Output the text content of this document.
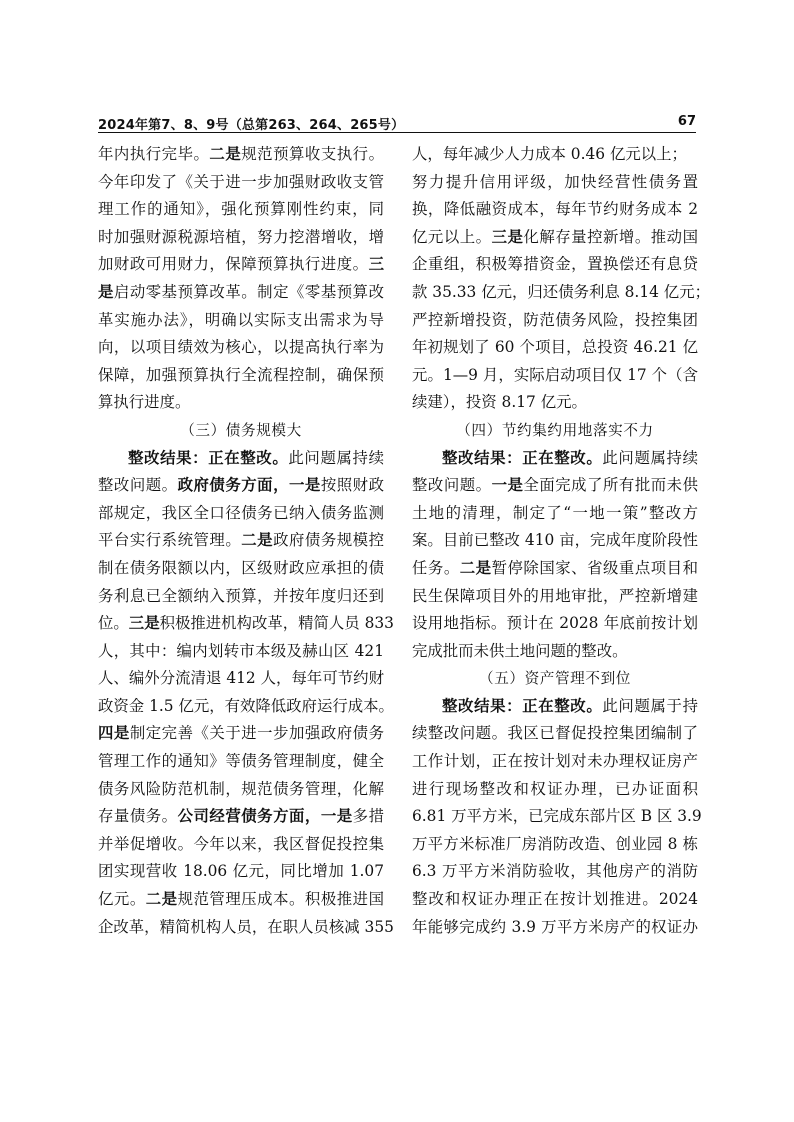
2024年第7、8、9号（总第263、264、265号）	67
年内执行完毕。二是规范预算收支执行。
今年印发了《关于进一步加强财政收支管
理工作的通知》，强化预算刚性约束，同
时加强财源税源培植，努力挖潜增收，增
加财政可用财力，保障预算执行进度。三
是启动零基预算改革。制定《零基预算改
革实施办法》，明确以实际支出需求为导
向，以项目绩效为核心，以提高执行率为
保障，加强预算执行全流程控制，确保预
算执行进度。
（三）债务规模大
整改结果：正在整改。此问题属持续
整改问题。政府债务方面，一是按照财政
部规定，我区全口径债务已纳入债务监测
平台实行系统管理。二是政府债务规模控
制在债务限额以内，区级财政应承担的债
务利息已全额纳入预算，并按年度归还到
位。三是积极推进机构改革，精简人员 833
人，其中：编内划转市本级及赫山区 421
人、编外分流清退 412 人，每年可节约财
政资金 1.5 亿元，有效降低政府运行成本。
四是制定完善《关于进一步加强政府债务
管理工作的通知》等债务管理制度，健全
债务风险防范机制，规范债务管理，化解
存量债务。公司经营债务方面，一是多措
并举促增收。今年以来，我区督促投控集
团实现营收 18.06 亿元，同比增加 1.07
亿元。二是规范管理压成本。积极推进国
企改革，精简机构人员，在职人员核减 355
人，每年减少人力成本 0.46 亿元以上；
努力提升信用评级，加快经营性债务置
换，降低融资成本，每年节约财务成本 2
亿元以上。三是化解存量控新增。推动国
企重组，积极筹措资金，置换偿还有息贷
款 35.33 亿元，归还债务利息 8.14 亿元；
严控新增投资，防范债务风险，投控集团
年初规划了 60 个项目，总投资 46.21 亿
元。1—9 月，实际启动项目仅 17 个（含
续建），投资 8.17 亿元。
（四）节约集约用地落实不力
整改结果：正在整改。此问题属持续
整改问题。一是全面完成了所有批而未供
土地的清理，制定了“一地一策”整改方
案。目前已整改 410 亩，完成年度阶段性
任务。二是暂停除国家、省级重点项目和
民生保障项目外的用地审批，严控新增建
设用地指标。预计在 2028 年底前按计划
完成批而未供土地问题的整改。
（五）资产管理不到位
整改结果：正在整改。此问题属于持
续整改问题。我区已督促投控集团编制了
工作计划，正在按计划对未办理权证房产
进行现场整改和权证办理，已办证面积
6.81 万平方米，已完成东部片区 B 区 3.9
万平方米标准厂房消防改造、创业园 8 栋
6.3 万平方米消防验收，其他房产的消防
整改和权证办理正在按计划推进。2024
年能够完成约 3.9 万平方米房产的权证办
